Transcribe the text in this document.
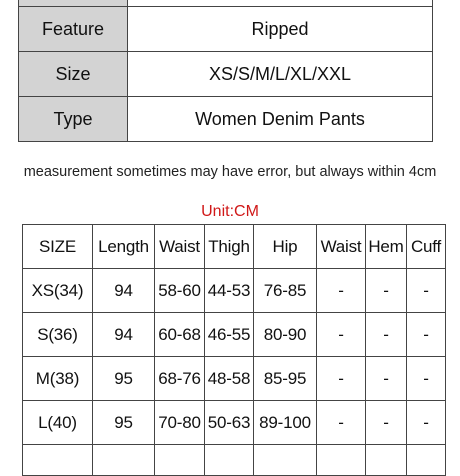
Feature	Ripped
Size	XS/S/M/L/XL/XXL
Type	Women Denim Pants
measurement sometimes may have error, but always within 4cm
Unit:CM
SIZE	Length	Waist	Thigh	Hip	Waist	Hem	Cuff
XS(34)	94	58-60	44-53	76-85	-	-	-
S(36)	94	60-68	46-55	80-90	-	-	-
M(38)	95	68-76	48-58	85-95	-	-	-
L(40)	95	70-80	50-63	89-100	-	-	-
